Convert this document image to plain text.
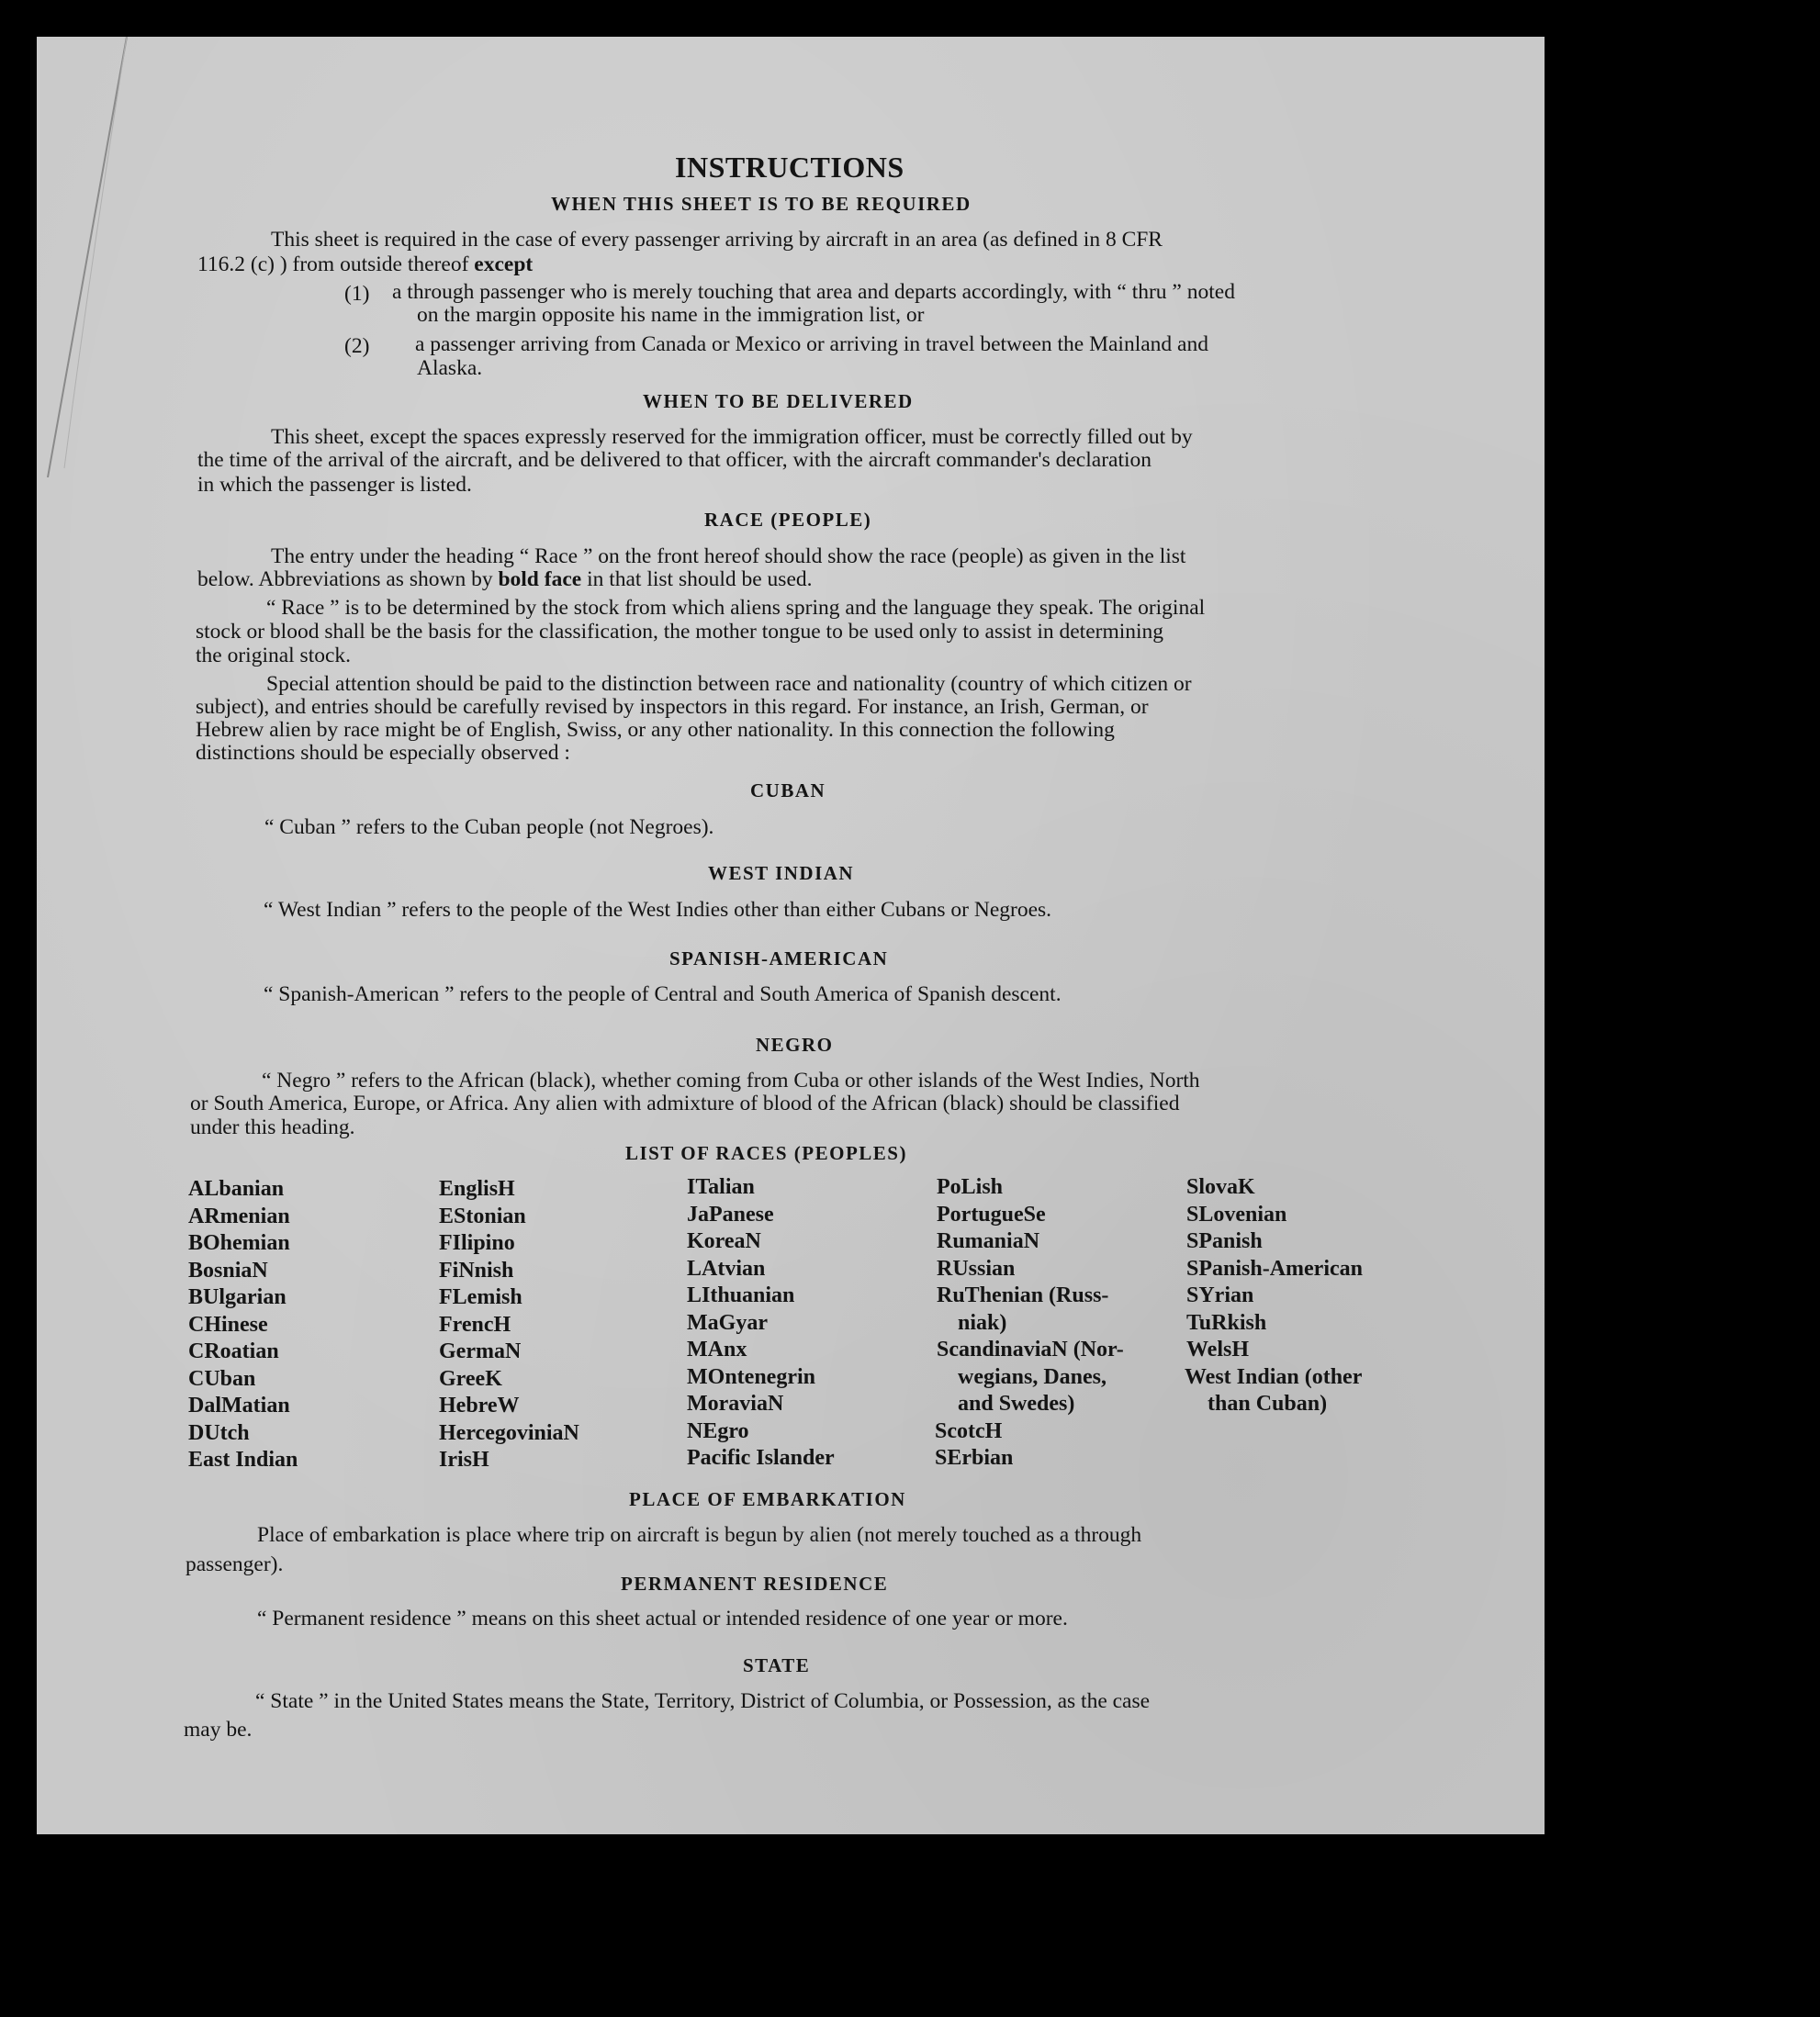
INSTRUCTIONS
WHEN THIS SHEET IS TO BE REQUIRED
This sheet is required in the case of every passenger arriving by aircraft in an area (as defined in 8 CFR
116.2 (c) ) from outside thereof except
(1) a through passenger who is merely touching that area and departs accordingly, with “ thru ” noted
on the margin opposite his name in the immigration list, or
(2) a passenger arriving from Canada or Mexico or arriving in travel between the Mainland and
Alaska.
WHEN TO BE DELIVERED
This sheet, except the spaces expressly reserved for the immigration officer, must be correctly filled out by
the time of the arrival of the aircraft, and be delivered to that officer, with the aircraft commander's declaration
in which the passenger is listed.
RACE (PEOPLE)
The entry under the heading “ Race ” on the front hereof should show the race (people) as given in the list
below. Abbreviations as shown by bold face in that list should be used.
“ Race ” is to be determined by the stock from which aliens spring and the language they speak. The original
stock or blood shall be the basis for the classification, the mother tongue to be used only to assist in determining
the original stock.
Special attention should be paid to the distinction between race and nationality (country of which citizen or
subject), and entries should be carefully revised by inspectors in this regard. For instance, an Irish, German, or
Hebrew alien by race might be of English, Swiss, or any other nationality. In this connection the following
distinctions should be especially observed :
CUBAN
“ Cuban ” refers to the Cuban people (not Negroes).
WEST INDIAN
“ West Indian ” refers to the people of the West Indies other than either Cubans or Negroes.
SPANISH-AMERICAN
“ Spanish-American ” refers to the people of Central and South America of Spanish descent.
NEGRO
“ Negro ” refers to the African (black), whether coming from Cuba or other islands of the West Indies, North
or South America, Europe, or Africa. Any alien with admixture of blood of the African (black) should be classified
under this heading.
LIST OF RACES (PEOPLES)
ALbanian
ARmenian
BOhemian
BosniaN
BUlgarian
CHinese
CRoatian
CUban
DalMatian
DUtch
East Indian
EnglisH
EStonian
FIlipino
FiNnish
FLemish
FrencH
GermaN
GreeK
HebreW
HercegoviniaN
IrisH
ITalian
JaPanese
KoreaN
LAtvian
LIthuanian
MaGyar
MAnx
MOntenegrin
MoraviaN
NEgro
Pacific Islander
PoLish
PortugueSe
RumaniaN
RUssian
RuThenian (Russ-
niak)
ScandinaviaN (Nor-
wegians, Danes,
and Swedes)
ScotcH
SErbian
SlovaK
SLovenian
SPanish
SPanish-American
SYrian
TuRkish
WelsH
West Indian (other
than Cuban)
PLACE OF EMBARKATION
Place of embarkation is place where trip on aircraft is begun by alien (not merely touched as a through
passenger).
PERMANENT RESIDENCE
“ Permanent residence ” means on this sheet actual or intended residence of one year or more.
STATE
“ State ” in the United States means the State, Territory, District of Columbia, or Possession, as the case
may be.
